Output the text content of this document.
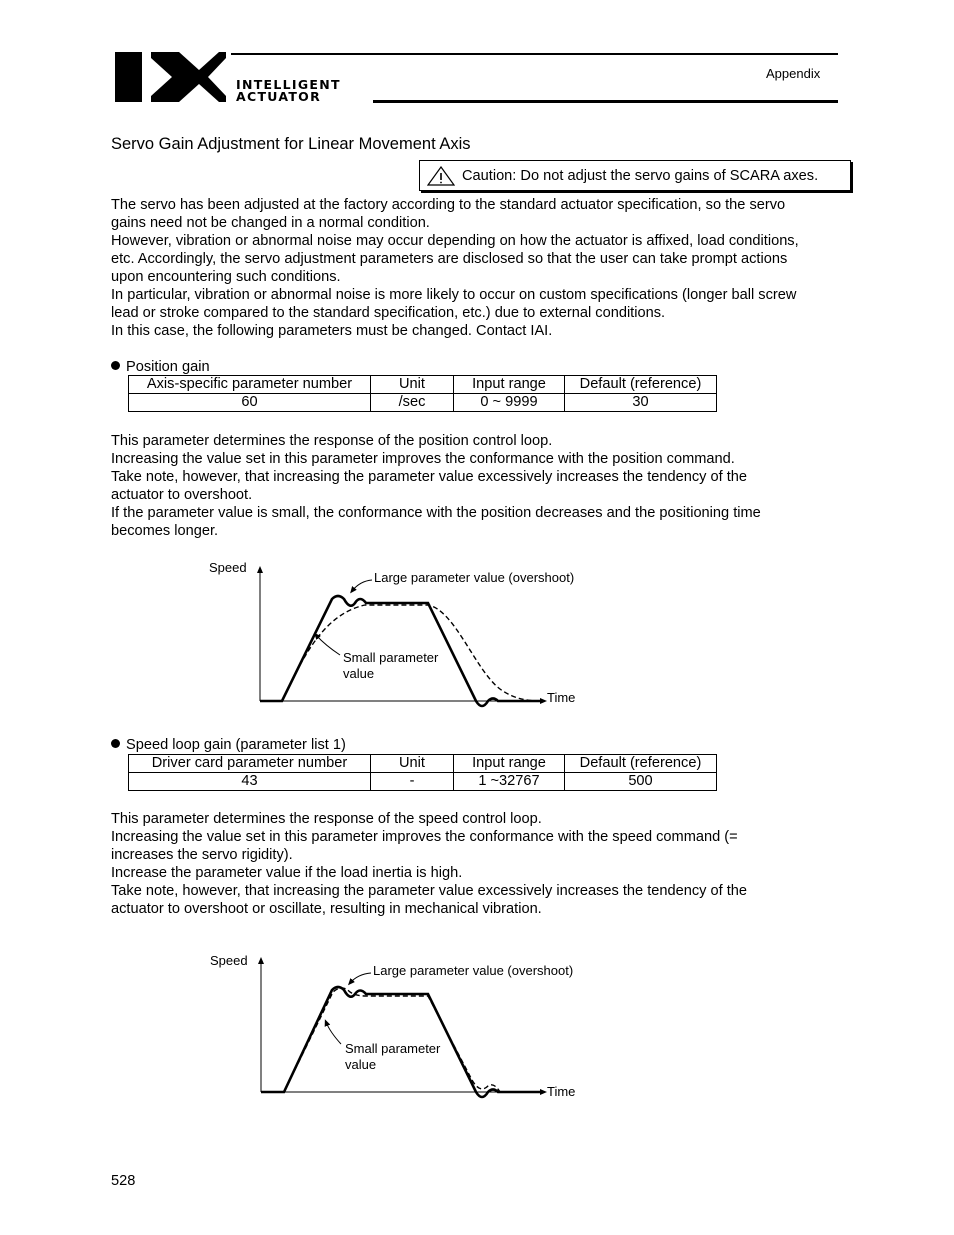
INTELLIGENT
ACTUATOR
Appendix
Servo Gain Adjustment for Linear Movement Axis
Caution: Do not adjust the servo gains of SCARA axes.
The servo has been adjusted at the factory according to the standard actuator specification, so the servo
gains need not be changed in a normal condition.
However, vibration or abnormal noise may occur depending on how the actuator is affixed, load conditions,
etc. Accordingly, the servo adjustment parameters are disclosed so that the user can take prompt actions
upon encountering such conditions.
In particular, vibration or abnormal noise is more likely to occur on custom specifications (longer ball screw
lead or stroke compared to the standard specification, etc.) due to external conditions.
In this case, the following parameters must be changed. Contact IAI.
Position gain
Axis-specific parameter number	Unit	Input range	Default (reference)
60	/sec	0 ~ 9999	30
This parameter determines the response of the position control loop.
Increasing the value set in this parameter improves the conformance with the position command.
Take note, however, that increasing the parameter value excessively increases the tendency of the
actuator to overshoot.
If the parameter value is small, the conformance with the position decreases and the positioning time
becomes longer.
Speed
Large parameter value (overshoot)
Small parameter
value
Time
Speed loop gain (parameter list 1)
Driver card parameter number	Unit	Input range	Default (reference)
43	-	1 ~32767	500
This parameter determines the response of the speed control loop.
Increasing the value set in this parameter improves the conformance with the speed command (=
increases the servo rigidity).
Increase the parameter value if the load inertia is high.
Take note, however, that increasing the parameter value excessively increases the tendency of the
actuator to overshoot or oscillate, resulting in mechanical vibration.
Speed
Large parameter value (overshoot)
Small parameter
value
Time
528
